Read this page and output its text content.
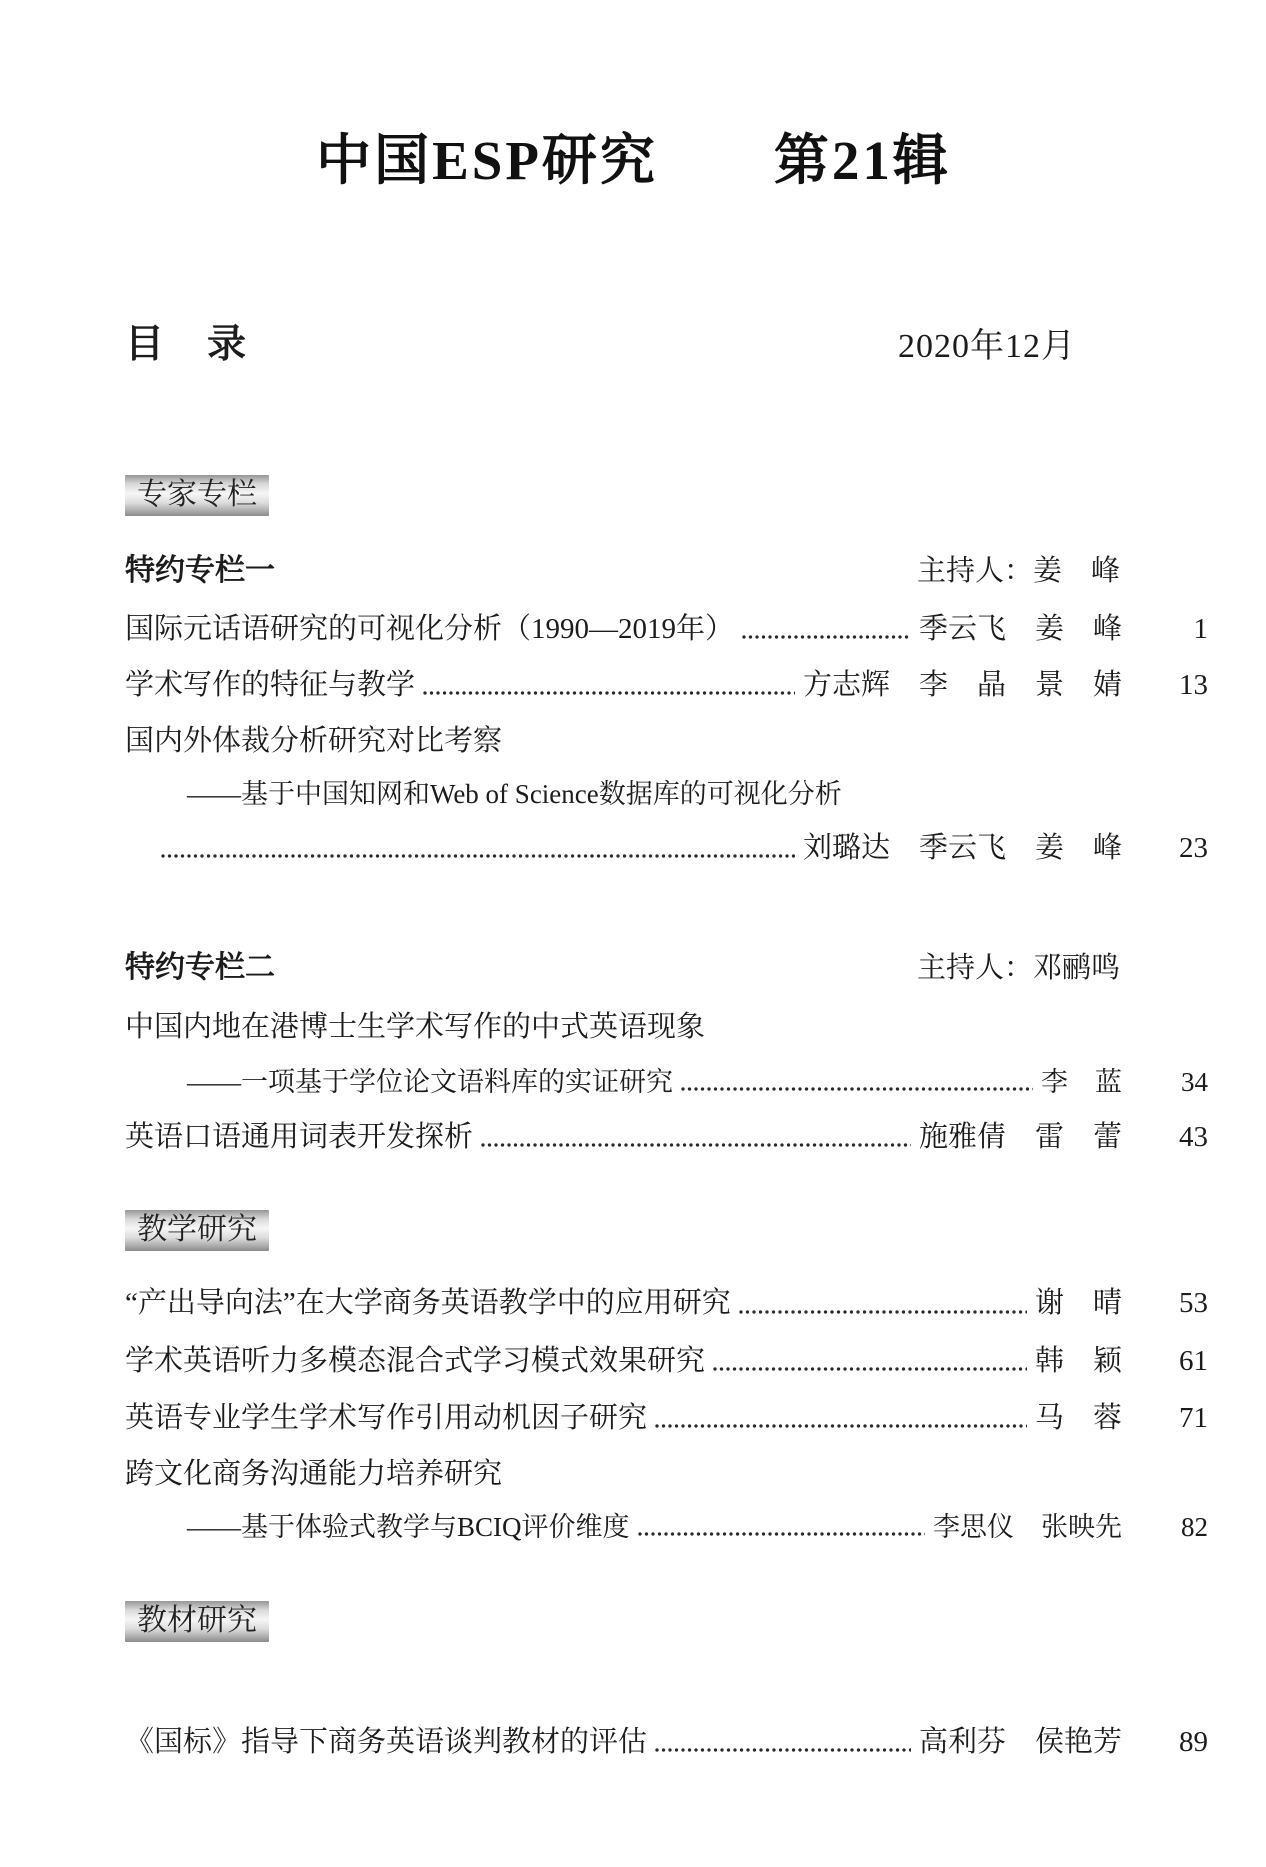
中国ESP研究　　第21辑
目　录	2020年12月
专家专栏
特约专栏一	主持人：姜　峰
国际元话语研究的可视化分析（1990—2019年）	季云飞　姜　峰	1
学术写作的特征与教学	方志辉　李　晶　景　婧	13
国内外体裁分析研究对比考察
——基于中国知网和Web of Science数据库的可视化分析
刘璐达　季云飞　姜　峰	23
特约专栏二	主持人：邓鹂鸣
中国内地在港博士生学术写作的中式英语现象
——一项基于学位论文语料库的实证研究	李　蓝	34
英语口语通用词表开发探析	施雅倩　雷　蕾	43
教学研究
“产出导向法”在大学商务英语教学中的应用研究	谢　晴	53
学术英语听力多模态混合式学习模式效果研究	韩　颖	61
英语专业学生学术写作引用动机因子研究	马　蓉	71
跨文化商务沟通能力培养研究
——基于体验式教学与BCIQ评价维度	李思仪　张映先	82
教材研究
《国标》指导下商务英语谈判教材的评估	高利芬　侯艳芳	89
